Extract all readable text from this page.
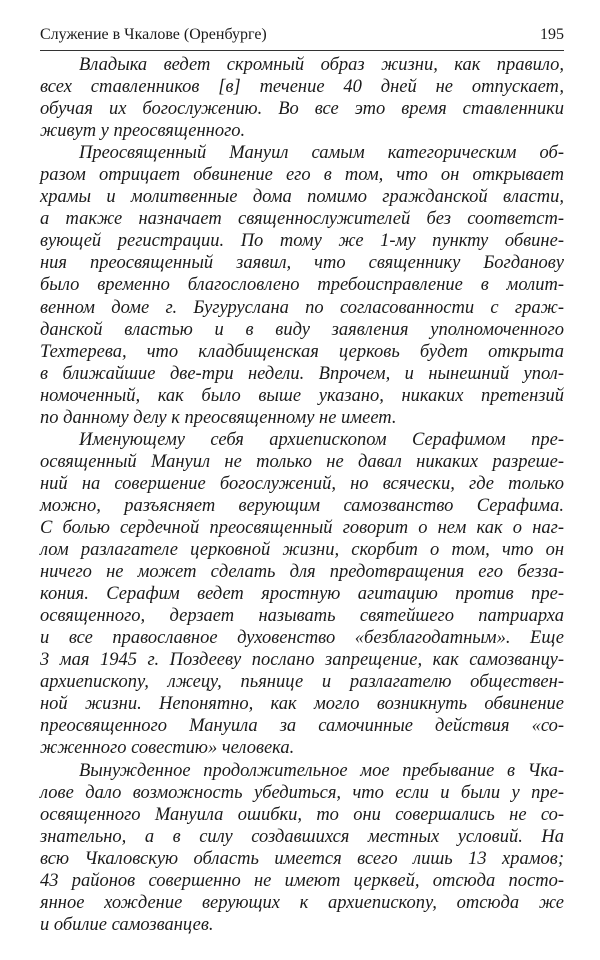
Служение в Чкалове (Оренбурге)	195
Владыка ведет скромный образ жизни, как правило,
всех ставленников [в] течение 40 дней не отпускает,
обучая их богослужению. Во все это время ставленники
живут у преосвященного.
Преосвященный Мануил самым категорическим об-
разом отрицает обвинение его в том, что он открывает
храмы и молитвенные дома помимо гражданской власти,
а также назначает священнослужителей без соответст-
вующей регистрации. По тому же 1-му пункту обвине-
ния преосвященный заявил, что священнику Богданову
было временно благословлено требоисправление в молит-
венном доме г. Бугуруслана по согласованности с граж-
данской властью и в виду заявления уполномоченного
Техтерева, что кладбищенская церковь будет открыта
в ближайшие две-три недели. Впрочем, и нынешний упол-
номоченный, как было выше указано, никаких претензий
по данному делу к преосвященному не имеет.
Именующему себя архиепископом Серафимом пре-
освященный Мануил не только не давал никаких разреше-
ний на совершение богослужений, но всячески, где только
можно, разъясняет верующим самозванство Серафима.
С болью сердечной преосвященный говорит о нем как о наг-
лом разлагателе церковной жизни, скорбит о том, что он
ничего не может сделать для предотвращения его безза-
кония. Серафим ведет яростную агитацию против пре-
освященного, дерзает называть святейшего патриарха
и все православное духовенство «безблагодатным». Еще
3 мая 1945 г. Поздееву послано запрещение, как самозванцу-
архиепископу, лжецу, пьянице и разлагателю обществен-
ной жизни. Непонятно, как могло возникнуть обвинение
преосвященного Мануила за самочинные действия «со-
жженного совестию» человека.
Вынужденное продолжительное мое пребывание в Чка-
лове дало возможность убедиться, что если и были у пре-
освященного Мануила ошибки, то они совершались не со-
знательно, а в силу создавшихся местных условий. На
всю Чкаловскую область имеется всего лишь 13 храмов;
43 районов совершенно не имеют церквей, отсюда посто-
янное хождение верующих к архиепископу, отсюда же
и обилие самозванцев.
